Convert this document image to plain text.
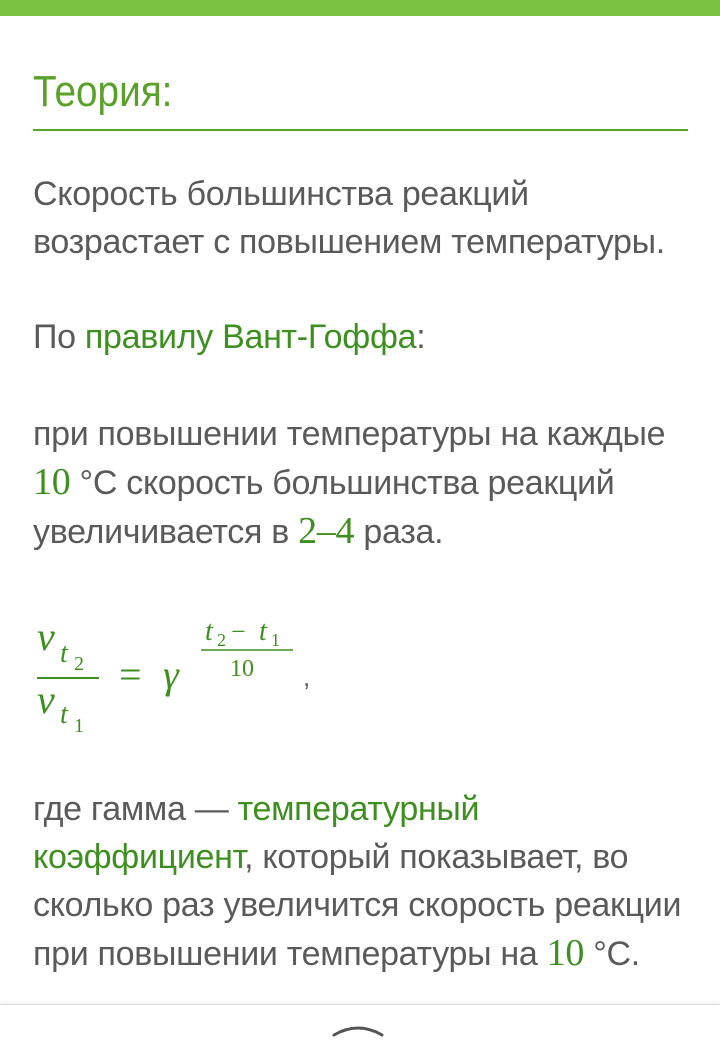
Теория:

Скорость большинства реакций возрастает с повышением температуры.

По правилу Вант-Гоффа:

при повышении температуры на каждые 10 °С скорость большинства реакций увеличивается в 2–4 раза.

где гамма — температурный коэффициент, который показывает, во сколько раз увеличится скорость реакции при повышении температуры на 10 °С.

ν t 2
ν t 1
= γ
t 2 − t 1
10 ,
